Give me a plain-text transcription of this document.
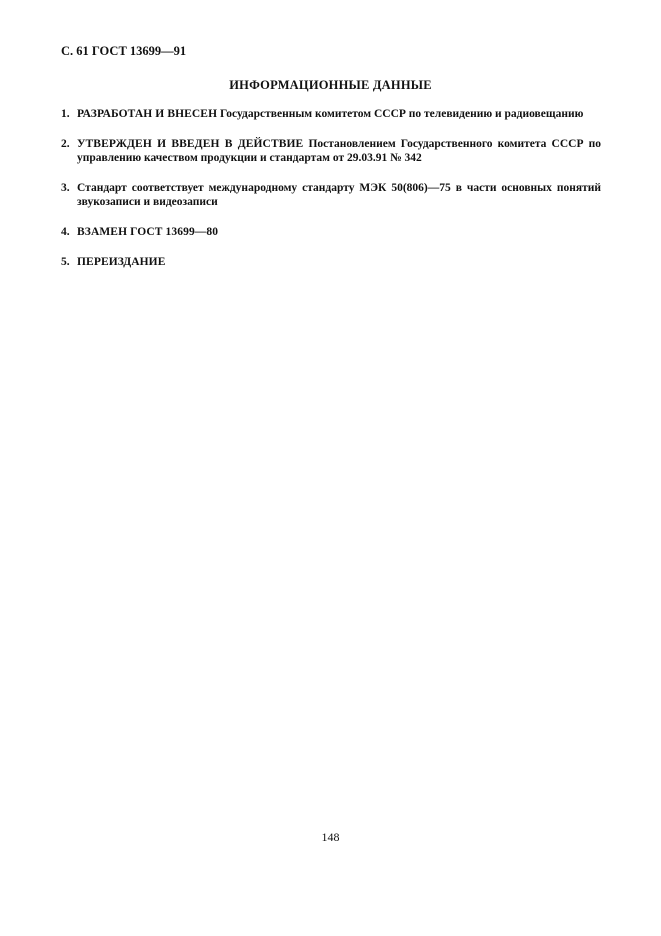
С. 61 ГОСТ 13699—91
ИНФОРМАЦИОННЫЕ ДАННЫЕ
1. РАЗРАБОТАН И ВНЕСЕН Государственным комитетом СССР по телевидению и радиовещанию
2. УТВЕРЖДЕН И ВВЕДЕН В ДЕЙСТВИЕ Постановлением Государственного комитета СССР по управлению качеством продукции и стандартам от 29.03.91 № 342
3. Стандарт соответствует международному стандарту МЭК 50(806)—75 в части основных понятий звукозаписи и видеозаписи
4. ВЗАМЕН ГОСТ 13699—80
5. ПЕРЕИЗДАНИЕ
148
